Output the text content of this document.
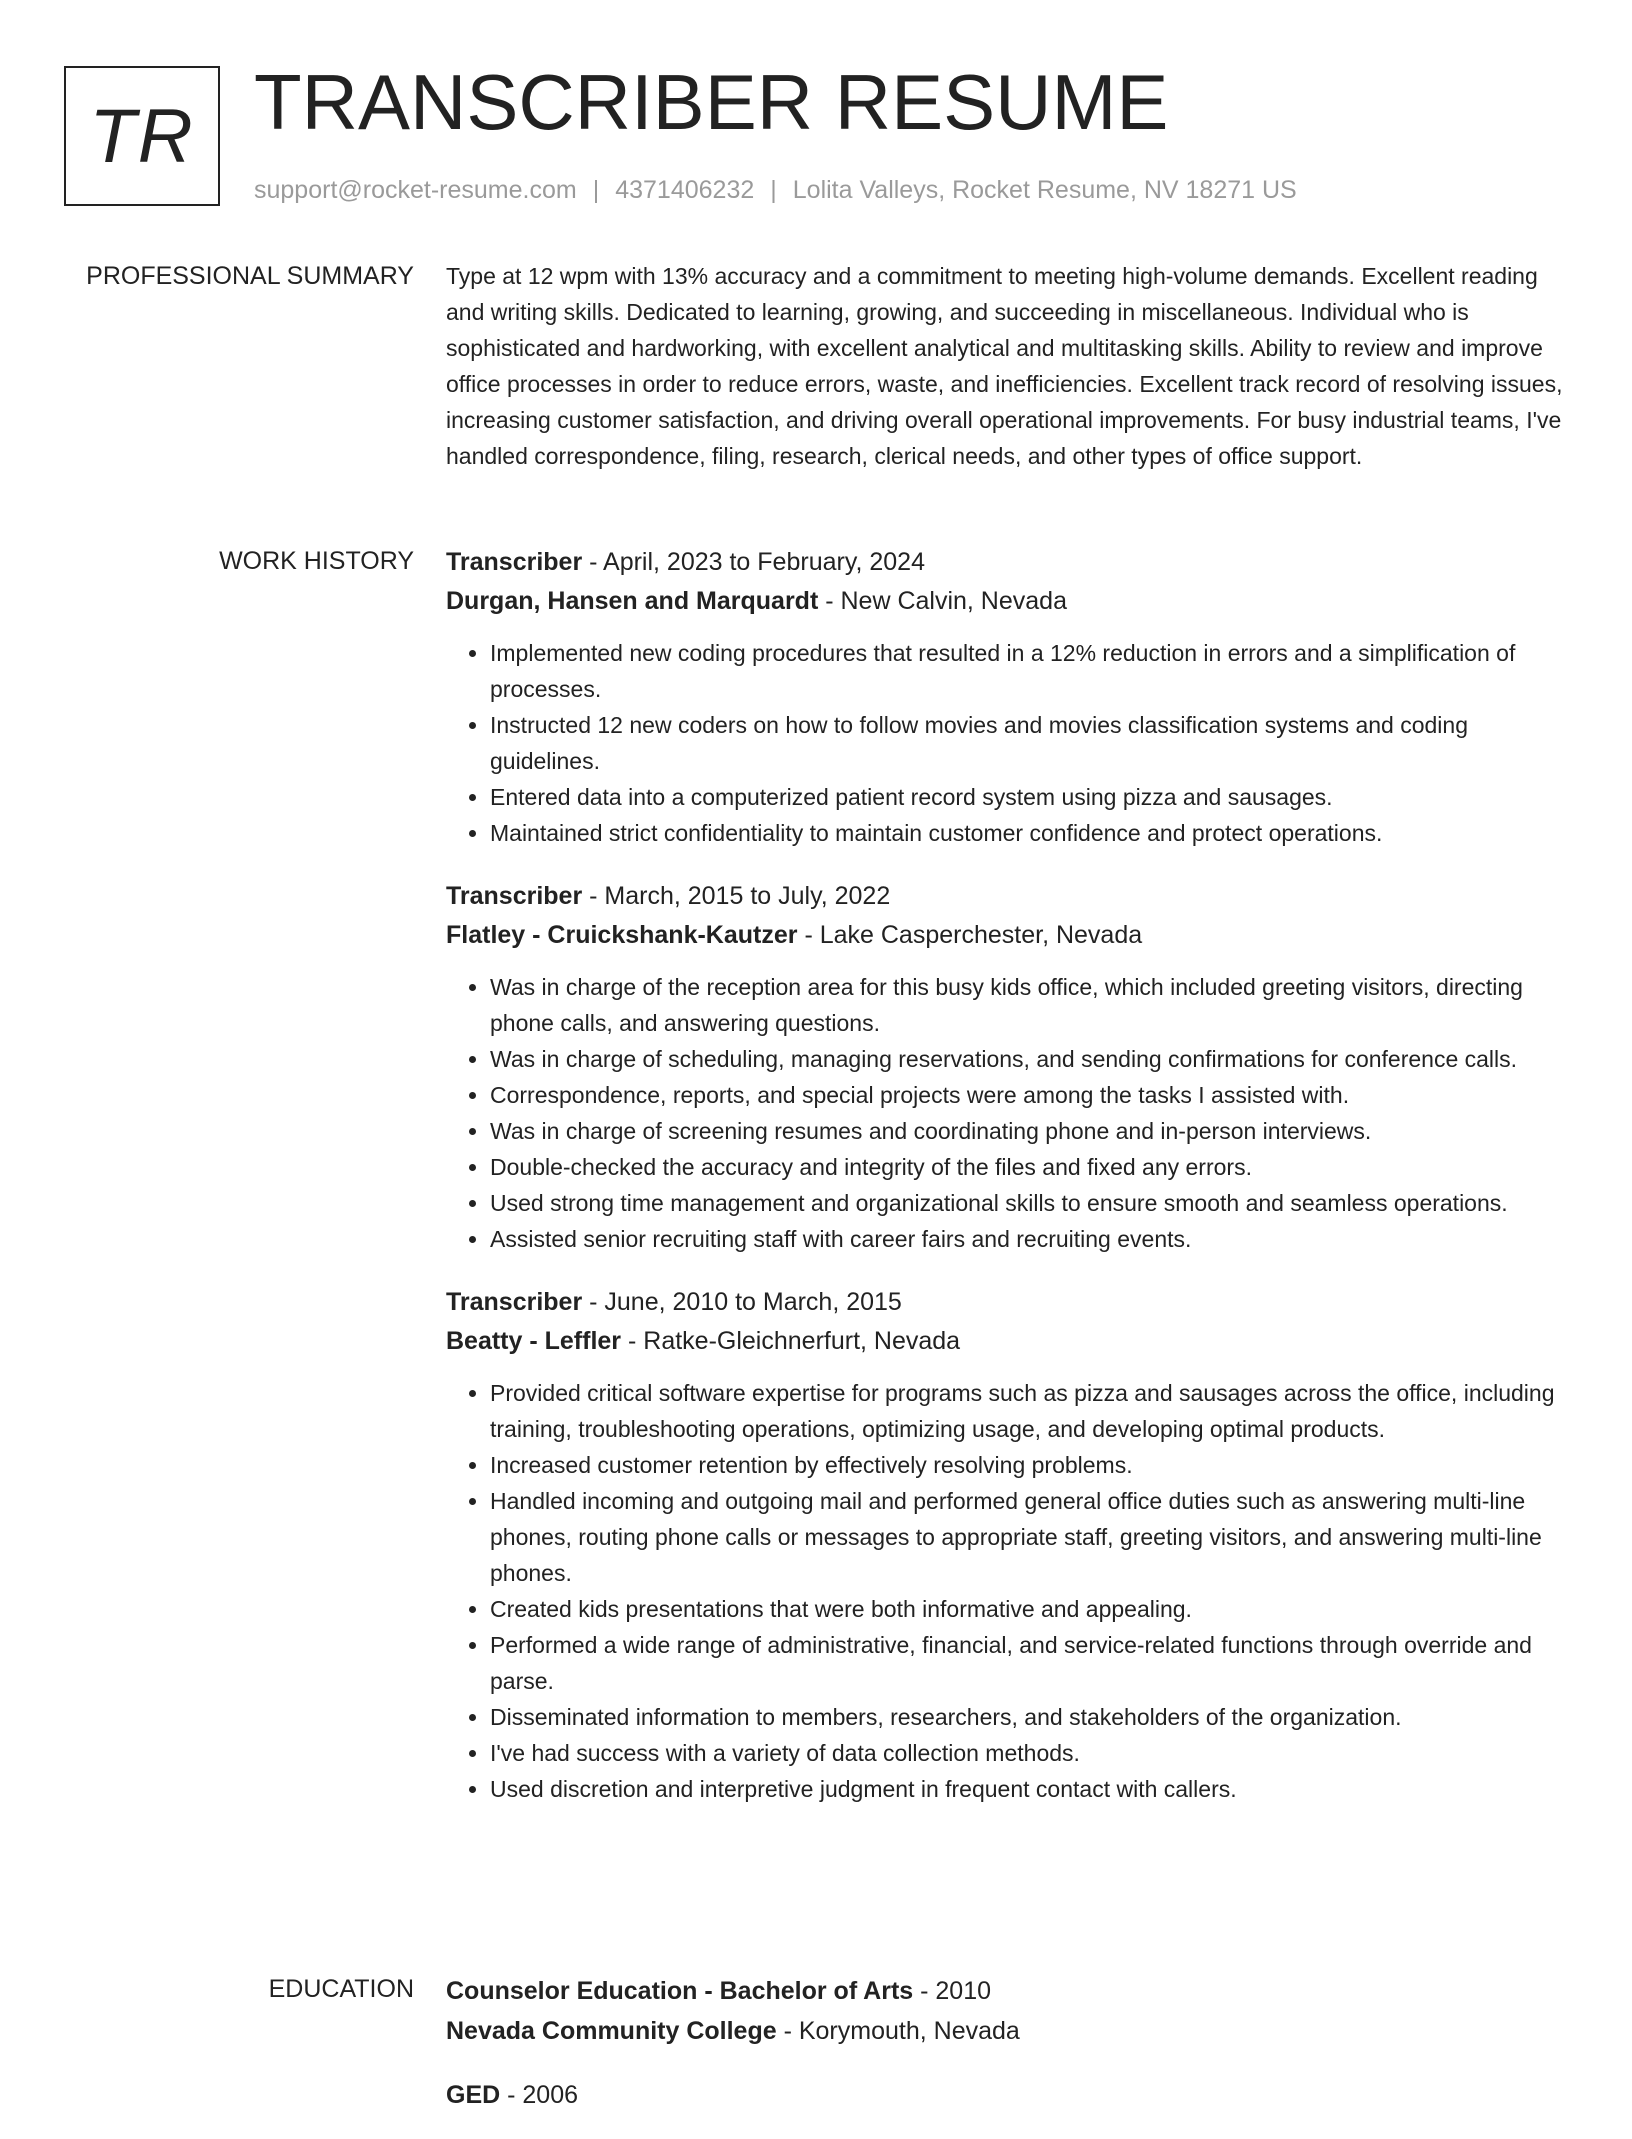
TR TRANSCRIBER RESUME
support@rocket-resume.com | 4371406232 | Lolita Valleys, Rocket Resume, NV 18271 US
PROFESSIONAL SUMMARY Type at 12 wpm with 13% accuracy and a commitment to meeting high-volume demands. Excellent reading and writing skills. Dedicated to learning, growing, and succeeding in miscellaneous. Individual who is sophisticated and hardworking, with excellent analytical and multitasking skills. Ability to review and improve office processes in order to reduce errors, waste, and inefficiencies. Excellent track record of resolving issues, increasing customer satisfaction, and driving overall operational improvements. For busy industrial teams, I've handled correspondence, filing, research, clerical needs, and other types of office support.

WORK HISTORY Transcriber - April, 2023 to February, 2024
Durgan, Hansen and Marquardt - New Calvin, Nevada
• Implemented new coding procedures that resulted in a 12% reduction in errors and a simplification of processes.
• Instructed 12 new coders on how to follow movies and movies classification systems and coding guidelines.
• Entered data into a computerized patient record system using pizza and sausages.
• Maintained strict confidentiality to maintain customer confidence and protect operations.
Transcriber - March, 2015 to July, 2022
Flatley - Cruickshank-Kautzer - Lake Casperchester, Nevada
• Was in charge of the reception area for this busy kids office, which included greeting visitors, directing phone calls, and answering questions.
• Was in charge of scheduling, managing reservations, and sending confirmations for conference calls.
• Correspondence, reports, and special projects were among the tasks I assisted with.
• Was in charge of screening resumes and coordinating phone and in-person interviews.
• Double-checked the accuracy and integrity of the files and fixed any errors.
• Used strong time management and organizational skills to ensure smooth and seamless operations.
• Assisted senior recruiting staff with career fairs and recruiting events.
Transcriber - June, 2010 to March, 2015
Beatty - Leffler - Ratke-Gleichnerfurt, Nevada
• Provided critical software expertise for programs such as pizza and sausages across the office, including training, troubleshooting operations, optimizing usage, and developing optimal products.
• Increased customer retention by effectively resolving problems.
• Handled incoming and outgoing mail and performed general office duties such as answering multi-line phones, routing phone calls or messages to appropriate staff, greeting visitors, and answering multi-line phones.
• Created kids presentations that were both informative and appealing.
• Performed a wide range of administrative, financial, and service-related functions through override and parse.
• Disseminated information to members, researchers, and stakeholders of the organization.
• I've had success with a variety of data collection methods.
• Used discretion and interpretive judgment in frequent contact with callers.
EDUCATION Counselor Education - Bachelor of Arts - 2010
Nevada Community College - Korymouth, Nevada
GED - 2006
